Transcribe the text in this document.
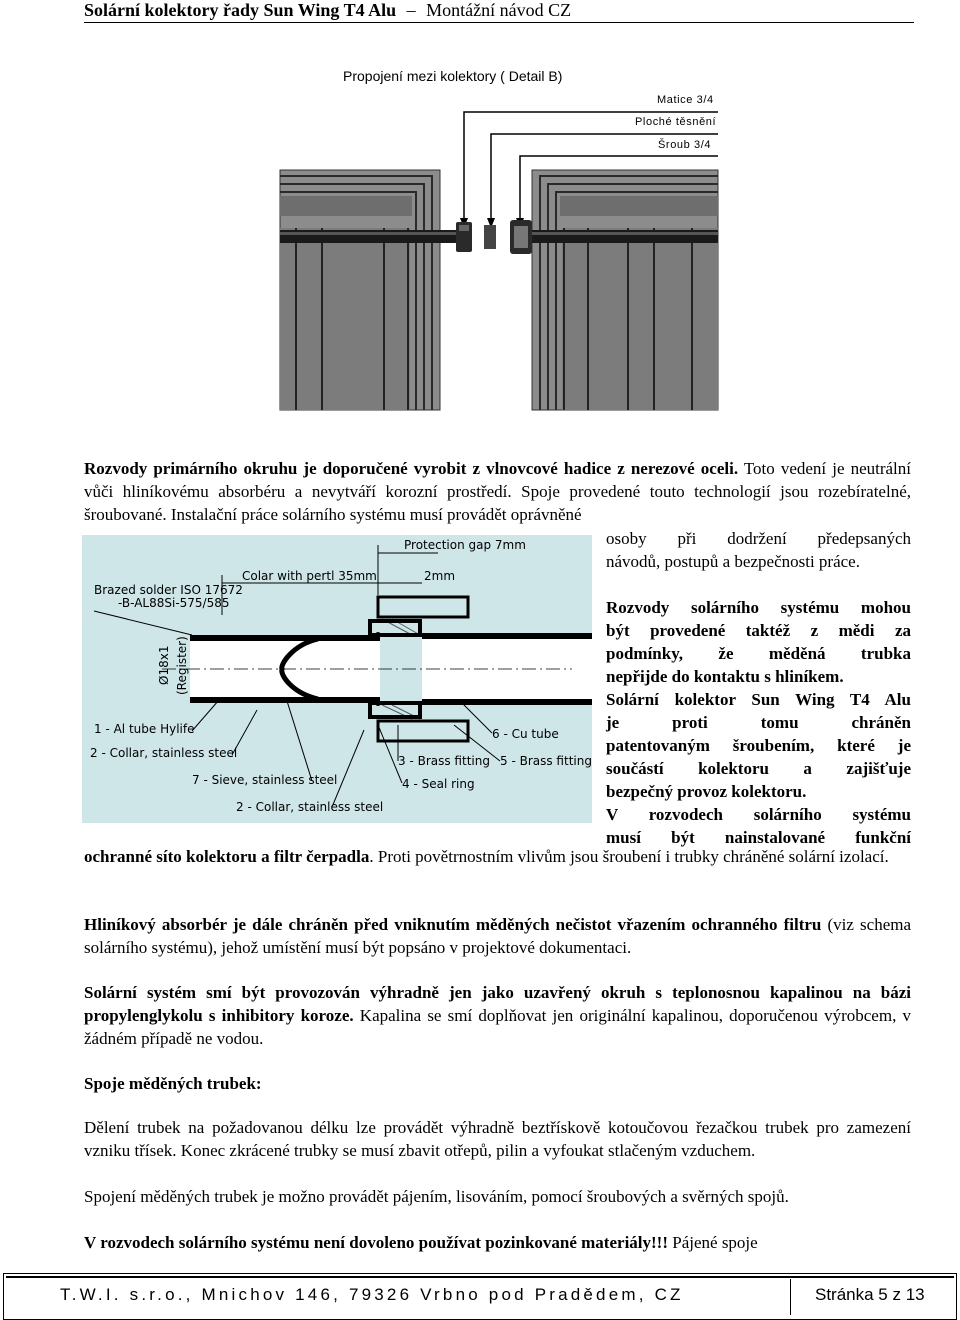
Solární kolektory řady Sun Wing T4 Alu – Montážní návod CZ
Propojení mezi kolektory ( Detail B)
Matice 3/4
Ploché těsnění
Šroub 3/4

Rozvody primárního okruhu je doporučené vyrobit z vlnovcové hadice z nerezové oceli. Toto vedení je neutrální vůči hliníkovému absorbéru a nevytváří korozní prostředí. Spoje provedené touto technologií jsou rozebíratelné, šroubované. Instalační práce solárního systému musí provádět oprávněné

Protection gap 7mm
Colar with pertl 35mm	2mm
Brazed solder ISO 17672
-B-AL88Si-575/585
1 - Al tube Hylife
2 - Collar, stainless steel
7 - Sieve, stainless steel
2 - Collar, stainless steel
3 - Brass fitting
4 - Seal ring
5 - Brass fitting
6 - Cu tube
Ø18x1 (Register)

osoby při dodržení předepsaných

návodů, postupů a bezpečnosti práce.

Rozvody solárního systému mohou

být provedené taktéž z mědi za

podmínky, že měděná trubka

nepřijde do kontaktu s hliníkem.

Solární kolektor Sun Wing T4 Alu

je proti tomu chráněn

patentovaným šroubením, které je

součástí kolektoru a zajišťuje

bezpečný provoz kolektoru.

V rozvodech solárního systému

musí být nainstalované funkční

ochranné síto kolektoru a filtr čerpadla. Proti povětrnostním vlivům jsou šroubení i trubky chráněné solární izolací.

Hliníkový absorbér je dále chráněn před vniknutím měděných nečistot vřazením ochranného filtru (viz schema solárního systému), jehož umístění musí být popsáno v projektové dokumentaci.

Solární systém smí být provozován výhradně jen jako uzavřený okruh s teplonosnou kapalinou na bázi propylenglykolu s inhibitory koroze. Kapalina se smí doplňovat jen originální kapalinou, doporučenou výrobcem, v žádném případě ne vodou.

Spoje měděných trubek:

Dělení trubek na požadovanou délku lze provádět výhradně beztřískově kotoučovou řezačkou trubek pro zamezení vzniku třísek. Konec zkrácené trubky se musí zbavit otřepů, pilin a vyfoukat stlačeným vzduchem.

Spojení měděných trubek je možno provádět pájením, lisováním, pomocí šroubových a svěrných spojů.

V rozvodech solárního systému není dovoleno používat pozinkované materiály!!! Pájené spoje

T.W.I. s.r.o., Mnichov 146, 79326 Vrbno pod Pradědem, CZ	Stránka 5 z 13
